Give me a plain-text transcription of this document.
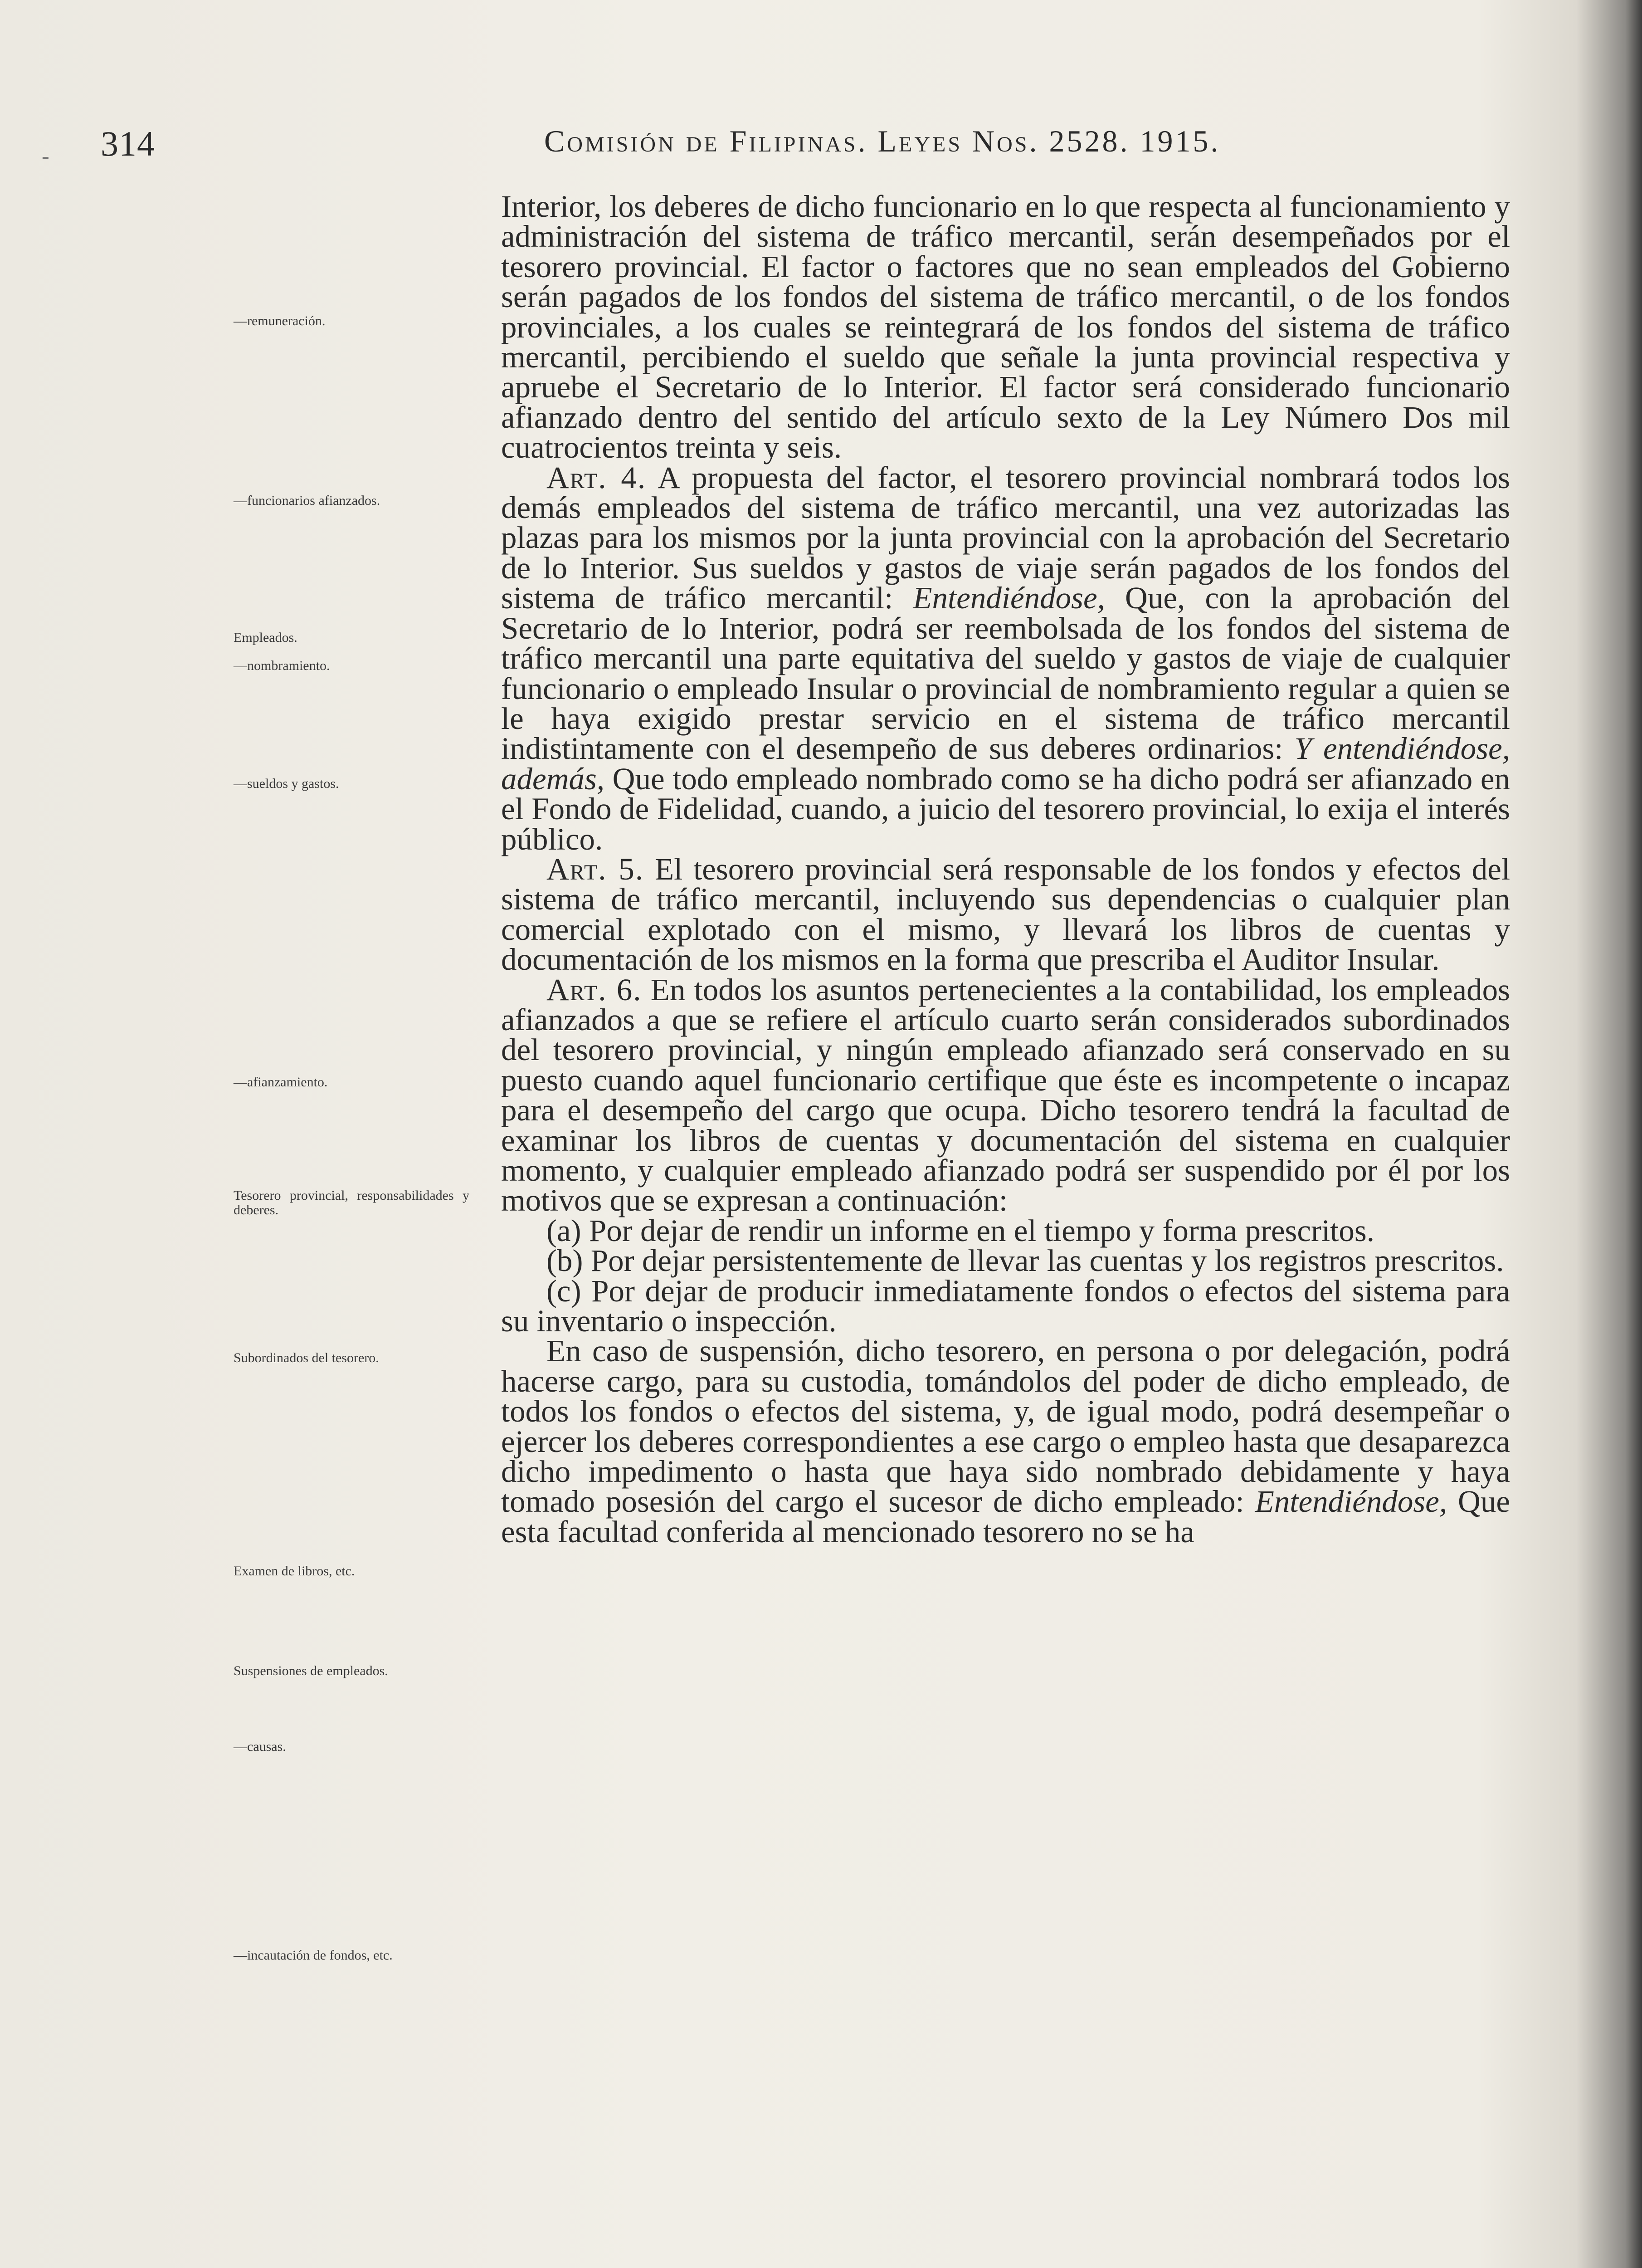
- 314	Comisión de Filipinas. Leyes Nos. 2528. 1915.
—remuneración.
—funcionarios afianzados.
Empleados.
—nombramiento.
—sueldos y gastos.
—afianzamiento.
Tesorero provincial, responsabilidades y deberes.
Subordinados del tesorero.
Examen de libros, etc.
Suspensiones de empleados.
—causas.
—incautación de fondos, etc.

Interior, los deberes de dicho funcionario en lo que respecta al funcionamiento y administración del sistema de tráfico mercantil, serán desempeñados por el tesorero provincial. El factor o factores que no sean empleados del Gobierno serán pagados de los fondos del sistema de tráfico mercantil, o de los fondos provinciales, a los cuales se reintegrará de los fondos del sistema de tráfico mercantil, percibiendo el sueldo que señale la junta provincial respectiva y apruebe el Secretario de lo Interior. El factor será considerado funcionario afianzado dentro del sentido del artículo sexto de la Ley Número Dos mil cuatrocientos treinta y seis.

Art. 4. A propuesta del factor, el tesorero provincial nombrará todos los demás empleados del sistema de tráfico mercantil, una vez autorizadas las plazas para los mismos por la junta provincial con la aprobación del Secretario de lo Interior. Sus sueldos y gastos de viaje serán pagados de los fondos del sistema de tráfico mercantil: Entendiéndose, Que, con la aprobación del Secretario de lo Interior, podrá ser reembolsada de los fondos del sistema de tráfico mercantil una parte equitativa del sueldo y gastos de viaje de cualquier funcionario o empleado Insular o provincial de nombramiento regular a quien se le haya exigido prestar servicio en el sistema de tráfico mercantil indistintamente con el desempeño de sus deberes ordinarios: Y entendiéndose, además, Que todo empleado nombrado como se ha dicho podrá ser afianzado en el Fondo de Fidelidad, cuando, a juicio del tesorero provincial, lo exija el interés público.

Art. 5. El tesorero provincial será responsable de los fondos y efectos del sistema de tráfico mercantil, incluyendo sus dependencias o cualquier plan comercial explotado con el mismo, y llevará los libros de cuentas y documentación de los mismos en la forma que prescriba el Auditor Insular.

Art. 6. En todos los asuntos pertenecientes a la contabilidad, los empleados afianzados a que se refiere el artículo cuarto serán considerados subordinados del tesorero provincial, y ningún empleado afianzado será conservado en su puesto cuando aquel funcionario certifique que éste es incompetente o incapaz para el desempeño del cargo que ocupa. Dicho tesorero tendrá la facultad de examinar los libros de cuentas y documentación del sistema en cualquier momento, y cualquier empleado afianzado podrá ser suspendido por él por los motivos que se expresan a continuación:

(a) Por dejar de rendir un informe en el tiempo y forma prescritos.

(b) Por dejar persistentemente de llevar las cuentas y los registros prescritos.

(c) Por dejar de producir inmediatamente fondos o efectos del sistema para su inventario o inspección.

En caso de suspensión, dicho tesorero, en persona o por delegación, podrá hacerse cargo, para su custodia, tomándolos del poder de dicho empleado, de todos los fondos o efectos del sistema, y, de igual modo, podrá desempeñar o ejercer los deberes correspondientes a ese cargo o empleo hasta que desaparezca dicho impedimento o hasta que haya sido nombrado debidamente y haya tomado posesión del cargo el sucesor de dicho empleado: Entendiéndose, Que esta facultad conferida al mencionado tesorero no se ha
